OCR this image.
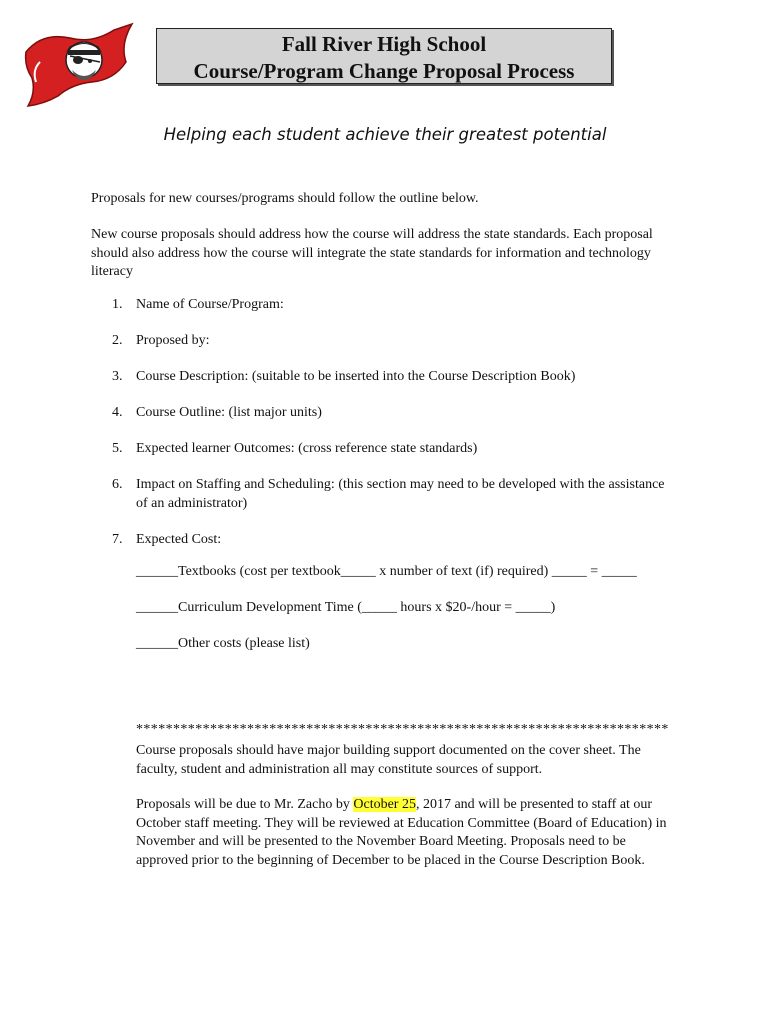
Fall River High School
Course/Program Change Proposal Process
Helping each student achieve their greatest potential
Proposals for new courses/programs should follow the outline below.
New course proposals should address how the course will address the state standards. Each proposal should also address how the course will integrate the state standards for information and technology literacy
1. Name of Course/Program:
2. Proposed by:
3. Course Description: (suitable to be inserted into the Course Description Book)
4. Course Outline: (list major units)
5. Expected learner Outcomes: (cross reference state standards)
6. Impact on Staffing and Scheduling: (this section may need to be developed with the assistance of an administrator)
7. Expected Cost:
______Textbooks (cost per textbook_____ x number of text (if) required) _____ = _____
______Curriculum Development Time (_____ hours x $20-/hour = _____)
______Other costs (please list)
************************************************************************
Course proposals should have major building support documented on the cover sheet. The faculty, student and administration all may constitute sources of support.
Proposals will be due to Mr. Zacho by October 25, 2017 and will be presented to staff at our October staff meeting. They will be reviewed at Education Committee (Board of Education) in November and will be presented to the November Board Meeting. Proposals need to be approved prior to the beginning of December to be placed in the Course Description Book.
